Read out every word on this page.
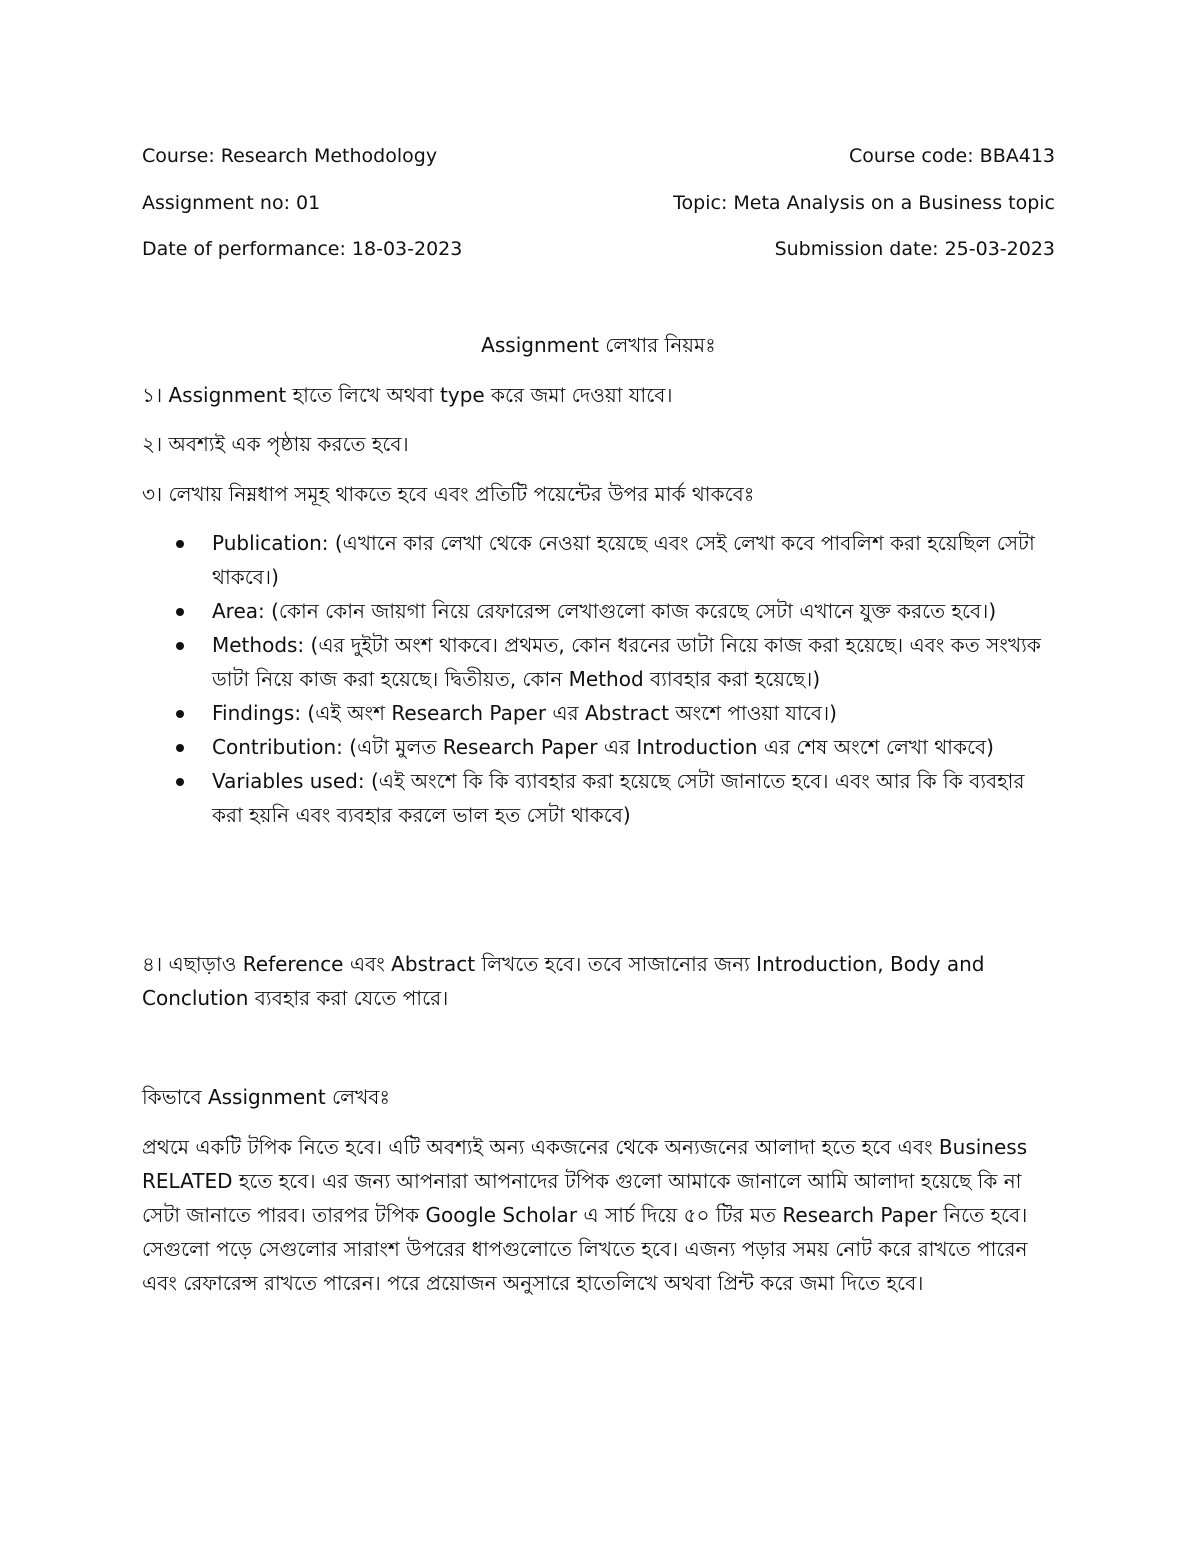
Course: Research Methodology	Course code: BBA413
Assignment no: 01	Topic: Meta Analysis on a Business topic
Date of performance: 18-03-2023	Submission date: 25-03-2023
Assignment লেখার নিয়মঃ
১। Assignment হাতে লিখে অথবা type করে জমা দেওয়া যাবে।
২। অবশ্যই এক পৃষ্ঠায় করতে হবে।
৩। লেখায় নিম্নধাপ সমূহ থাকতে হবে এবং প্রতিটি পয়েন্টের উপর মার্ক থাকবেঃ
Publication: (এখানে কার লেখা থেকে নেওয়া হয়েছে এবং সেই লেখা কবে পাবলিশ করা হয়েছিল সেটা থাকবে।)
Area: (কোন কোন জায়গা নিয়ে রেফারেন্স লেখাগুলো কাজ করেছে সেটা এখানে যুক্ত করতে হবে।)
Methods: (এর দুইটা অংশ থাকবে। প্রথমত, কোন ধরনের ডাটা নিয়ে কাজ করা হয়েছে। এবং কত সংখ্যক ডাটা নিয়ে কাজ করা হয়েছে। দ্বিতীয়ত, কোন Method ব্যাবহার করা হয়েছে।)
Findings: (এই অংশ Research Paper এর Abstract অংশে পাওয়া যাবে।)
Contribution: (এটা মুলত Research Paper এর Introduction এর শেষ অংশে লেখা থাকবে)
Variables used: (এই অংশে কি কি ব্যাবহার করা হয়েছে সেটা জানাতে হবে। এবং আর কি কি ব্যবহার করা হয়নি এবং ব্যবহার করলে ভাল হত সেটা থাকবে)
৪। এছাড়াও Reference এবং Abstract লিখতে হবে। তবে সাজানোর জন্য Introduction, Body and Conclution ব্যবহার করা যেতে পারে।
কিভাবে Assignment লেখবঃ
প্রথমে একটি টপিক নিতে হবে। এটি অবশ্যই অন্য একজনের থেকে অন্যজনের আলাদা হতে হবে এবং Business RELATED হতে হবে। এর জন্য আপনারা আপনাদের টপিক গুলো আমাকে জানালে আমি আলাদা হয়েছে কি না সেটা জানাতে পারব। তারপর টপিক Google Scholar এ সার্চ দিয়ে ৫০ টির মত Research Paper নিতে হবে। সেগুলো পড়ে সেগুলোর সারাংশ উপরের ধাপগুলোতে লিখতে হবে। এজন্য পড়ার সময় নোট করে রাখতে পারেন এবং রেফারেন্স রাখতে পারেন। পরে প্রয়োজন অনুসারে হাতেলিখে অথবা প্রিন্ট করে জমা দিতে হবে।
